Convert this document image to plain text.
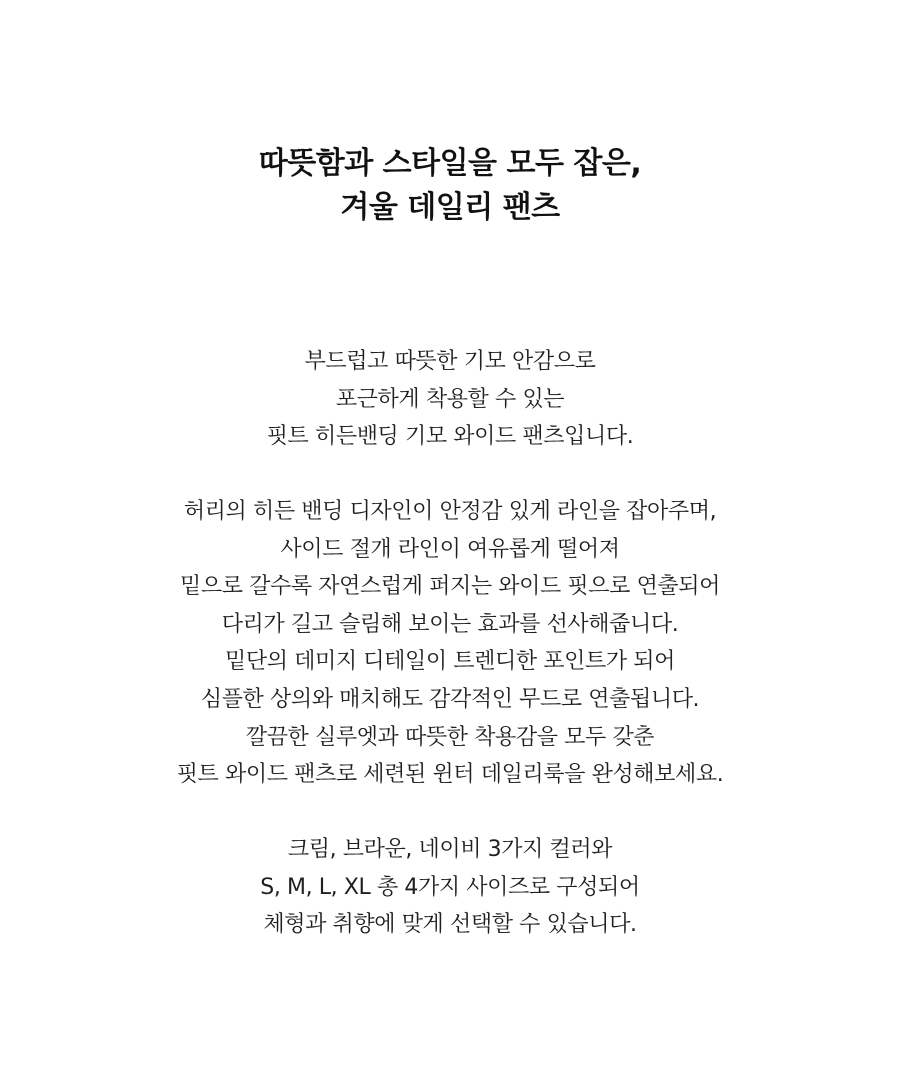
따뜻함과 스타일을 모두 잡은,
겨울 데일리 팬츠

부드럽고 따뜻한 기모 안감으로
포근하게 착용할 수 있는
핏트 히든밴딩 기모 와이드 팬츠입니다.

허리의 히든 밴딩 디자인이 안정감 있게 라인을 잡아주며,
사이드 절개 라인이 여유롭게 떨어져
밑으로 갈수록 자연스럽게 퍼지는 와이드 핏으로 연출되어
다리가 길고 슬림해 보이는 효과를 선사해줍니다.
밑단의 데미지 디테일이 트렌디한 포인트가 되어
심플한 상의와 매치해도 감각적인 무드로 연출됩니다.
깔끔한 실루엣과 따뜻한 착용감을 모두 갖춘
핏트 와이드 팬츠로 세련된 윈터 데일리룩을 완성해보세요.

크림, 브라운, 네이비 3가지 컬러와
S, M, L, XL 총 4가지 사이즈로 구성되어
체형과 취향에 맞게 선택할 수 있습니다.
